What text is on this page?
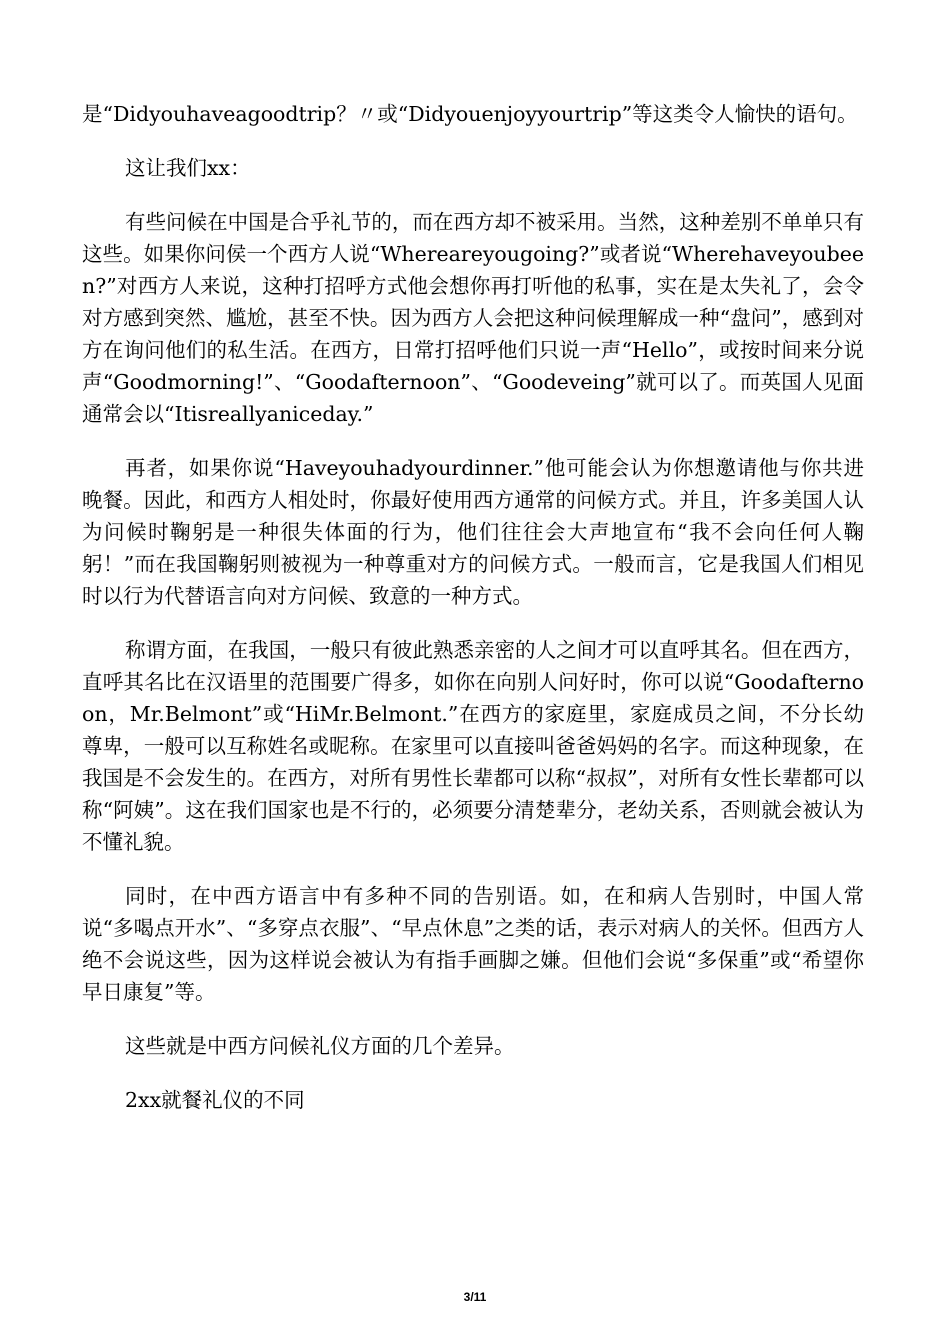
是“Didyouhaveagoodtrip？〃或“Didyouenjoyyourtrip”等这类令人愉快的语句。

这让我们xx：

有些问候在中国是合乎礼节的，而在西方却不被采用。当然，这种差别不单单只有这些。如果你问侯一个西方人说“Whereareyougoing?”或者说“Wherehaveyoubeen?”对西方人来说，这种打招呼方式他会想你再打听他的私事，实在是太失礼了，会令对方感到突然、尴尬，甚至不快。因为西方人会把这种问候理解成一种“盘问”，感到对方在询问他们的私生活。在西方，日常打招呼他们只说一声“Hello”，或按时间来分说声“Goodmorning!”、“Goodafternoon”、“Goodeveing”就可以了。而英国人见面通常会以“Itisreallyaniceday.”

再者，如果你说“Haveyouhadyourdinner.”他可能会认为你想邀请他与你共进晚餐。因此，和西方人相处时，你最好使用西方通常的问候方式。并且，许多美国人认为问候时鞠躬是一种很失体面的行为，他们往往会大声地宣布“我不会向任何人鞠躬！”而在我国鞠躬则被视为一种尊重对方的问候方式。一般而言，它是我国人们相见时以行为代替语言向对方问候、致意的一种方式。

称谓方面，在我国，一般只有彼此熟悉亲密的人之间才可以直呼其名。但在西方，直呼其名比在汉语里的范围要广得多，如你在向别人问好时，你可以说“Goodafternoon，Mr.Belmont”或“HiMr.Belmont.”在西方的家庭里，家庭成员之间，不分长幼尊卑，一般可以互称姓名或昵称。在家里可以直接叫爸爸妈妈的名字。而这种现象，在我国是不会发生的。在西方，对所有男性长辈都可以称“叔叔”，对所有女性长辈都可以称“阿姨”。这在我们国家也是不行的，必须要分清楚辈分，老幼关系，否则就会被认为不懂礼貌。

同时，在中西方语言中有多种不同的告别语。如，在和病人告别时，中国人常说“多喝点开水”、“多穿点衣服”、“早点休息”之类的话，表示对病人的关怀。但西方人绝不会说这些，因为这样说会被认为有指手画脚之嫌。但他们会说“多保重”或“希望你早日康复”等。

这些就是中西方问候礼仪方面的几个差异。

2xx就餐礼仪的不同

3/11
